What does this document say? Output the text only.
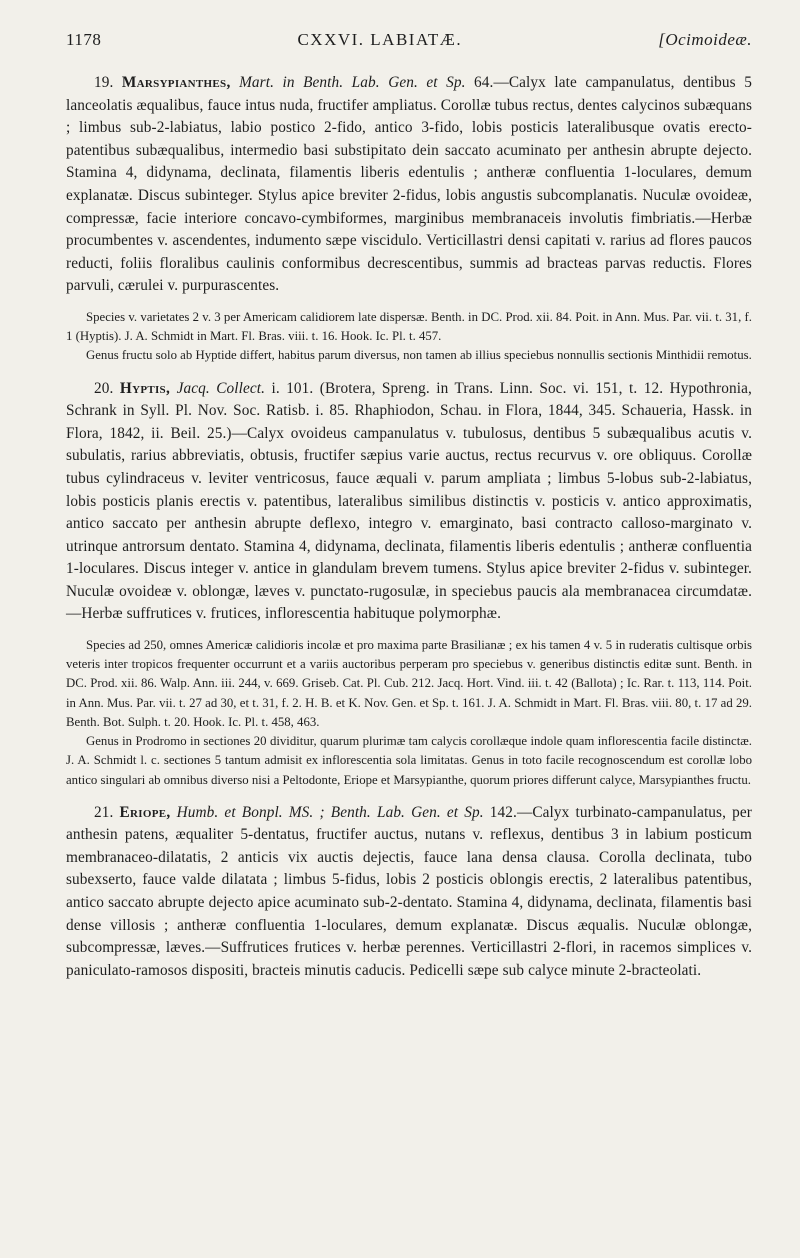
1178	CXXVI. LABIATÆ.	[Ocimoideæ.

19. Marsypianthes, Mart. in Benth. Lab. Gen. et Sp. 64.—Calyx late campanulatus, dentibus 5 lanceolatis æqualibus, fauce intus nuda, fructifer ampliatus. Corollæ tubus rectus, dentes calycinos subæquans ; limbus sub-2-labiatus, labio postico 2-fido, antico 3-fido, lobis posticis lateralibusque ovatis erecto-patentibus subæqualibus, intermedio basi substipitato dein saccato acuminato per anthesin abrupte dejecto. Stamina 4, didynama, declinata, filamentis liberis edentulis ; antheræ confluentia 1-loculares, demum explanatæ. Discus subinteger. Stylus apice breviter 2-fidus, lobis angustis subcomplanatis. Nuculæ ovoideæ, compressæ, facie interiore concavo-cymbiformes, marginibus membranaceis involutis fimbriatis.—Herbæ procumbentes v. ascendentes, indumento sæpe viscidulo. Verticillastri densi capitati v. rarius ad flores paucos reducti, foliis floralibus caulinis conformibus decrescentibus, summis ad bracteas parvas reductis. Flores parvuli, cærulei v. purpurascentes.

Species v. varietates 2 v. 3 per Americam calidiorem late dispersæ. Benth. in DC. Prod. xii. 84. Poit. in Ann. Mus. Par. vii. t. 31, f. 1 (Hyptis). J. A. Schmidt in Mart. Fl. Bras. viii. t. 16. Hook. Ic. Pl. t. 457.

Genus fructu solo ab Hyptide differt, habitus parum diversus, non tamen ab illius speciebus nonnullis sectionis Minthidii remotus.

20. Hyptis, Jacq. Collect. i. 101. (Brotera, Spreng. in Trans. Linn. Soc. vi. 151, t. 12. Hypothronia, Schrank in Syll. Pl. Nov. Soc. Ratisb. i. 85. Rhaphiodon, Schau. in Flora, 1844, 345. Schaueria, Hassk. in Flora, 1842, ii. Beil. 25.)—Calyx ovoideus campanulatus v. tubulosus, dentibus 5 subæqualibus acutis v. subulatis, rarius abbreviatis, obtusis, fructifer sæpius varie auctus, rectus recurvus v. ore obliquus. Corollæ tubus cylindraceus v. leviter ventricosus, fauce æquali v. parum ampliata ; limbus 5-lobus sub-2-labiatus, lobis posticis planis erectis v. patentibus, lateralibus similibus distinctis v. posticis v. antico approximatis, antico saccato per anthesin abrupte deflexo, integro v. emarginato, basi contracto calloso-marginato v. utrinque antrorsum dentato. Stamina 4, didynama, declinata, filamentis liberis edentulis ; antheræ confluentia 1-loculares. Discus integer v. antice in glandulam brevem tumens. Stylus apice breviter 2-fidus v. subinteger. Nuculæ ovoideæ v. oblongæ, læves v. punctato-rugosulæ, in speciebus paucis ala membranacea circumdatæ.—Herbæ suffrutices v. frutices, inflorescentia habituque polymorphæ.

Species ad 250, omnes Americæ calidioris incolæ et pro maxima parte Brasilianæ ; ex his tamen 4 v. 5 in ruderatis cultisque orbis veteris inter tropicos frequenter occurrunt et a variis auctoribus perperam pro speciebus v. generibus distinctis editæ sunt. Benth. in DC. Prod. xii. 86. Walp. Ann. iii. 244, v. 669. Griseb. Cat. Pl. Cub. 212. Jacq. Hort. Vind. iii. t. 42 (Ballota) ; Ic. Rar. t. 113, 114. Poit. in Ann. Mus. Par. vii. t. 27 ad 30, et t. 31, f. 2. H. B. et K. Nov. Gen. et Sp. t. 161. J. A. Schmidt in Mart. Fl. Bras. viii. 80, t. 17 ad 29. Benth. Bot. Sulph. t. 20. Hook. Ic. Pl. t. 458, 463.

Genus in Prodromo in sectiones 20 dividitur, quarum plurimæ tam calycis corollæque indole quam inflorescentia facile distinctæ. J. A. Schmidt l. c. sectiones 5 tantum admisit ex inflorescentia sola limitatas. Genus in toto facile recognoscendum est corollæ lobo antico singulari ab omnibus diverso nisi a Peltodonte, Eriope et Marsypianthe, quorum priores differunt calyce, Marsypianthes fructu.

21. Eriope, Humb. et Bonpl. MS. ; Benth. Lab. Gen. et Sp. 142.—Calyx turbinato-campanulatus, per anthesin patens, æqualiter 5-dentatus, fructifer auctus, nutans v. reflexus, dentibus 3 in labium posticum membranaceo-dilatatis, 2 anticis vix auctis dejectis, fauce lana densa clausa. Corolla declinata, tubo subexserto, fauce valde dilatata ; limbus 5-fidus, lobis 2 posticis oblongis erectis, 2 lateralibus patentibus, antico saccato abrupte dejecto apice acuminato sub-2-dentato. Stamina 4, didynama, declinata, filamentis basi dense villosis ; antheræ confluentia 1-loculares, demum explanatæ. Discus æqualis. Nuculæ oblongæ, subcompressæ, læves.—Suffrutices frutices v. herbæ perennes. Verticillastri 2-flori, in racemos simplices v. paniculato-ramosos dispositi, bracteis minutis caducis. Pedicelli sæpe sub calyce minute 2-bracteolati.
